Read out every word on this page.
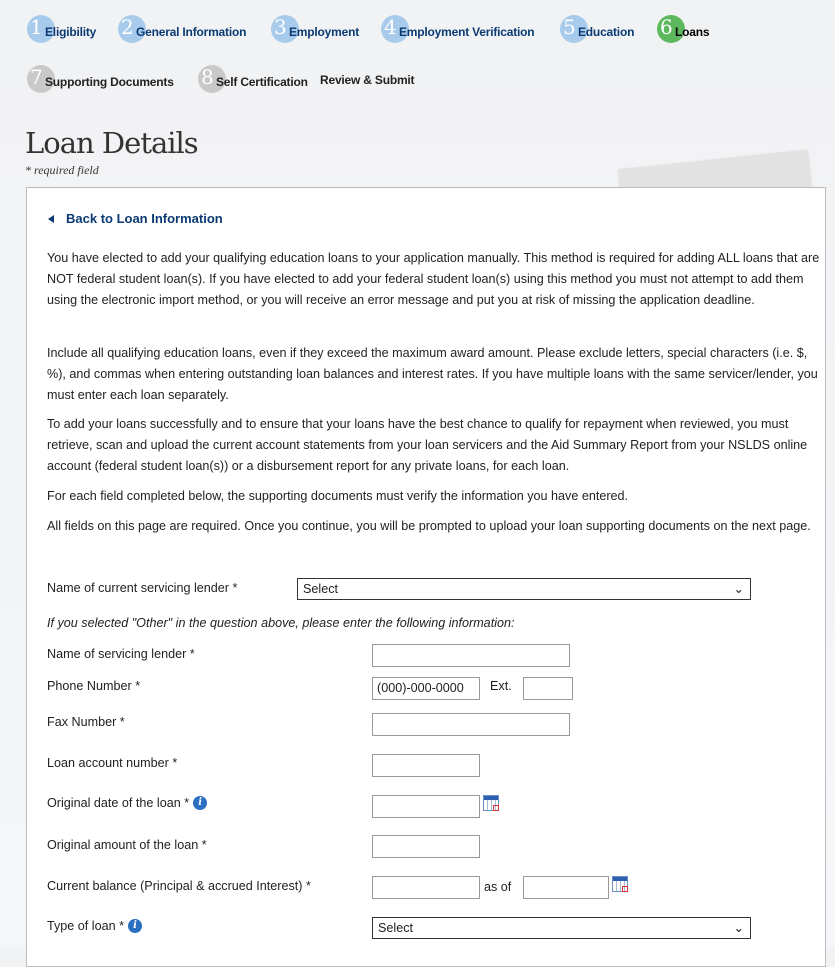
1 Eligibility 2 General Information 3 Employment 4 Employment Verification 5 Education 6 Loans
7 Supporting Documents 8 Self Certification Review & Submit
Loan Details
* required field
Back to Loan Information

You have elected to add your qualifying education loans to your application manually. This method is required for adding ALL loans that are NOT federal student loan(s). If you have elected to add your federal student loan(s) using this method you must not attempt to add them using the electronic import method, or you will receive an error message and put you at risk of missing the application deadline.

Include all qualifying education loans, even if they exceed the maximum award amount. Please exclude letters, special characters (i.e. $, %), and commas when entering outstanding loan balances and interest rates. If you have multiple loans with the same servicer/lender, you must enter each loan separately.

To add your loans successfully and to ensure that your loans have the best chance to qualify for repayment when reviewed, you must retrieve, scan and upload the current account statements from your loan servicers and the Aid Summary Report from your NSLDS online account (federal student loan(s)) or a disbursement report for any private loans, for each loan.

For each field completed below, the supporting documents must verify the information you have entered.

All fields on this page are required. Once you continue, you will be prompted to upload your loan supporting documents on the next page.

Name of current servicing lender *	Select	⌄
If you selected "Other" in the question above, please enter the following information:
Name of servicing lender *
Phone Number *	(000)-000-0000	Ext.
Fax Number *
Loan account number *
Original date of the loan * i
Original amount of the loan *
Current balance (Principal & accrued Interest) *	as of
Type of loan * i	Select	⌄
